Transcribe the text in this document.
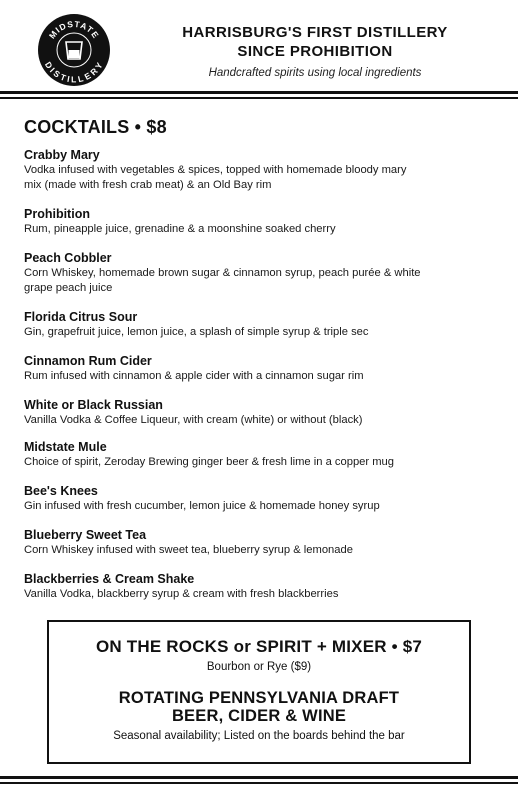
MIDSTATE
DISTILLERY
HARRISBURG'S FIRST DISTILLERY
SINCE PROHIBITION
Handcrafted spirits using local ingredients
COCKTAILS • $8
Crabby Mary
Vodka infused with vegetables & spices, topped with homemade bloody mary
mix (made with fresh crab meat) & an Old Bay rim
Prohibition
Rum, pineapple juice, grenadine & a moonshine soaked cherry
Peach Cobbler
Corn Whiskey, homemade brown sugar & cinnamon syrup, peach purée & white
grape peach juice
Florida Citrus Sour
Gin, grapefruit juice, lemon juice, a splash of simple syrup & triple sec
Cinnamon Rum Cider
Rum infused with cinnamon & apple cider with a cinnamon sugar rim
White or Black Russian
Vanilla Vodka & Coffee Liqueur, with cream (white) or without (black)
Midstate Mule
Choice of spirit, Zeroday Brewing ginger beer & fresh lime in a copper mug
Bee's Knees
Gin infused with fresh cucumber, lemon juice & homemade honey syrup
Blueberry Sweet Tea
Corn Whiskey infused with sweet tea, blueberry syrup & lemonade
Blackberries & Cream Shake
Vanilla Vodka, blackberry syrup & cream with fresh blackberries
ON THE ROCKS or SPIRIT + MIXER • $7
Bourbon or Rye ($9)
ROTATING PENNSYLVANIA DRAFT
BEER, CIDER & WINE
Seasonal availability; Listed on the boards behind the bar
